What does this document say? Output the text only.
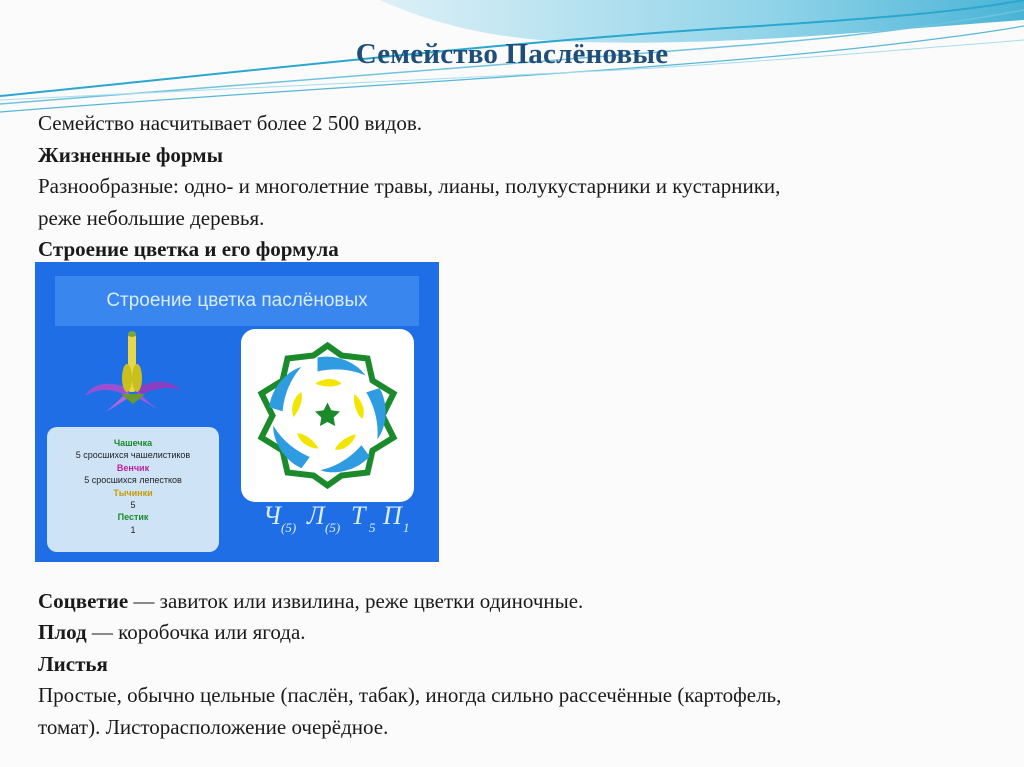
Семейство Паслёновые

Семейство насчитывает более 2 500 видов.

Жизненные формы

Разнообразные: одно- и многолетние травы, лианы, полукустарники и кустарники,

реже небольшие деревья.

Строение цветка и его формула

Соцветие — завиток или извилина, реже цветки одиночные.

Плод — коробочка или ягода.

Листья

Простые, обычно цельные (паслён, табак), иногда сильно рассечённые (картофель,

томат). Листорасположение очерёдное.

Строение цветка паслёновых
Чашечка
5 сросшихся чашелистиков
Венчик
5 сросшихся лепестков
Тычинки
5
Пестик
1	Ч (5) Л (5) Т 5 П 1
